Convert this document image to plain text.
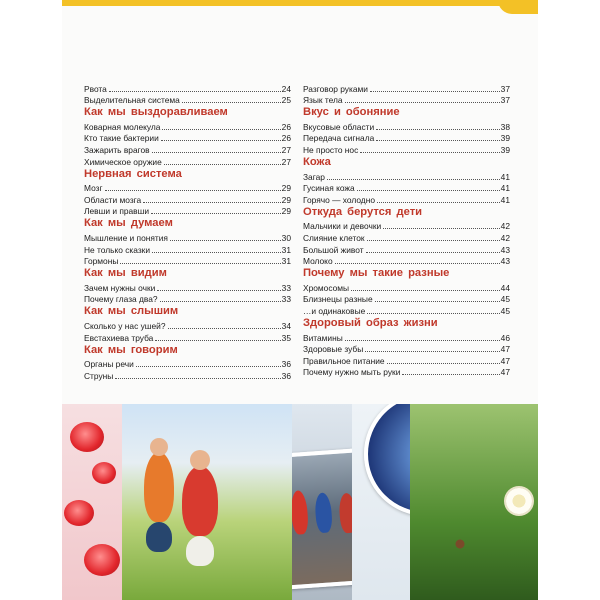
Рвота	24
Выделительная система	25
Как мы выздоравливаем
Коварная молекула	26
Кто такие бактерии	26
Зажарить врагов	27
Химическое оружие	27
Нервная система
Мозг	29
Области мозга	29
Левши и правши	29
Как мы думаем
Мышление и понятия	30
Не только сказки	31
Гормоны	31
Как мы видим
Зачем нужны очки	33
Почему глаза два?	33
Как мы слышим
Сколько у нас ушей?	34
Евстахиева труба	35
Как мы говорим
Органы речи	36
Струны	36
Разговор руками	37
Язык тела	37
Вкус и обоняние
Вкусовые области	38
Передача сигнала	39
Не просто нос	39
Кожа
Загар	41
Гусиная кожа	41
Горячо — холодно	41
Откуда берутся дети
Мальчики и девочки	42
Слияние клеток	42
Большой живот	43
Молоко	43
Почему мы такие разные
Хромосомы	44
Близнецы разные	45
…и одинаковые	45
Здоровый образ жизни
Витамины	46
Здоровые зубы	47
Правильное питание	47
Почему нужно мыть руки	47
